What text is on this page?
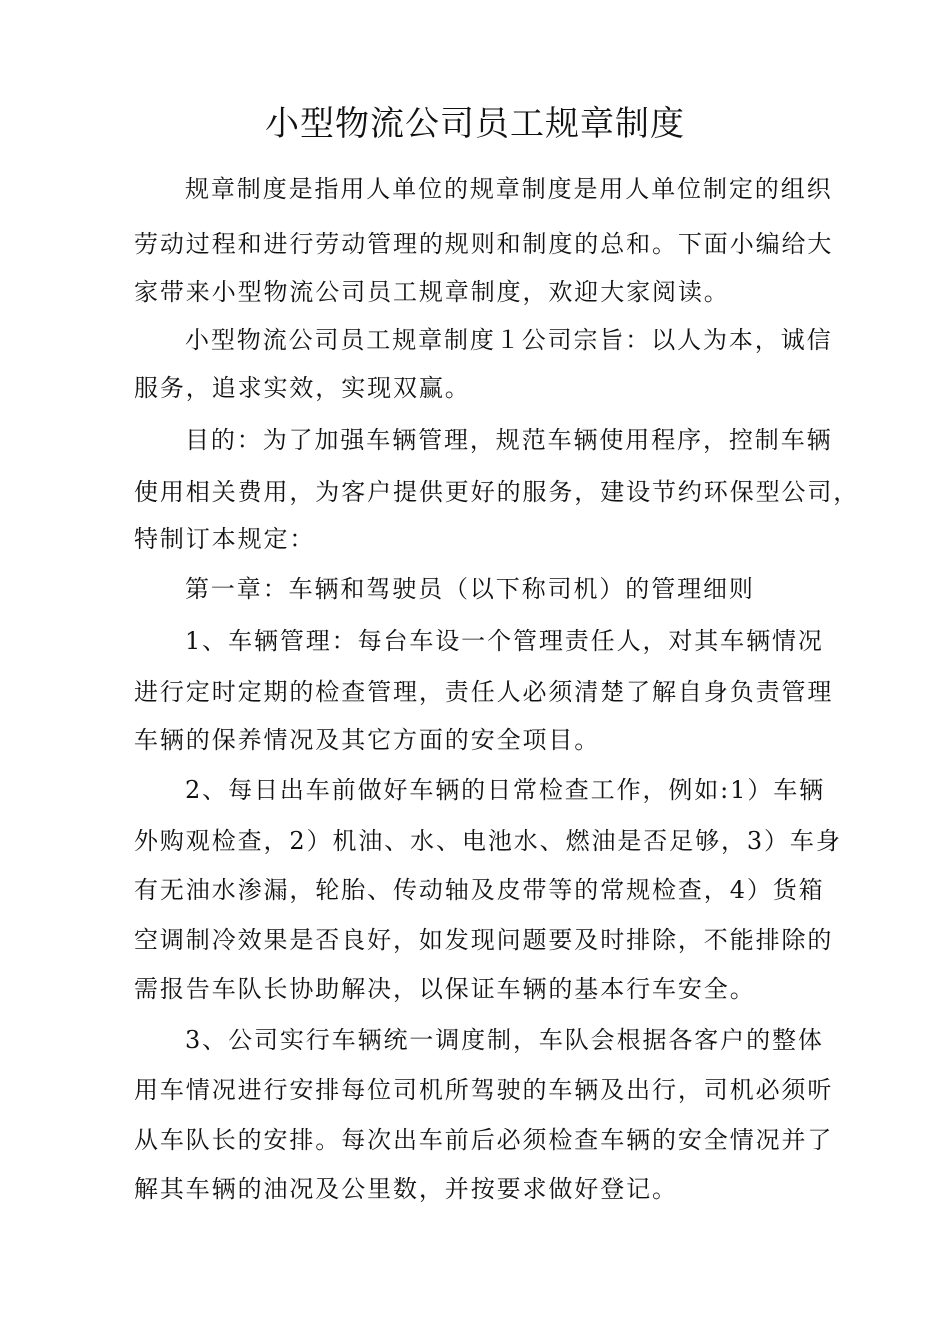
小型物流公司员工规章制度

规章制度是指用人单位的规章制度是用人单位制定的组织

劳动过程和进行劳动管理的规则和制度的总和。下面小编给大

家带来小型物流公司员工规章制度，欢迎大家阅读。

小型物流公司员工规章制度１公司宗旨：以人为本，诚信

服务，追求实效，实现双赢。

目的：为了加强车辆管理，规范车辆使用程序，控制车辆

使用相关费用，为客户提供更好的服务，建设节约环保型公司，

特制订本规定：

第一章：车辆和驾驶员（以下称司机）的管理细则

1、车辆管理：每台车设一个管理责任人，对其车辆情况

进行定时定期的检查管理，责任人必须清楚了解自身负责管理

车辆的保养情况及其它方面的安全项目。

2、每日出车前做好车辆的日常检查工作，例如:1）车辆

外购观检查，2）机油、水、电池水、燃油是否足够，3）车身

有无油水渗漏，轮胎、传动轴及皮带等的常规检查，4）货箱

空调制冷效果是否良好，如发现问题要及时排除，不能排除的

需报告车队长协助解决，以保证车辆的基本行车安全。

3、公司实行车辆统一调度制，车队会根据各客户的整体

用车情况进行安排每位司机所驾驶的车辆及出行，司机必须听

从车队长的安排。每次出车前后必须检查车辆的安全情况并了

解其车辆的油况及公里数，并按要求做好登记。
